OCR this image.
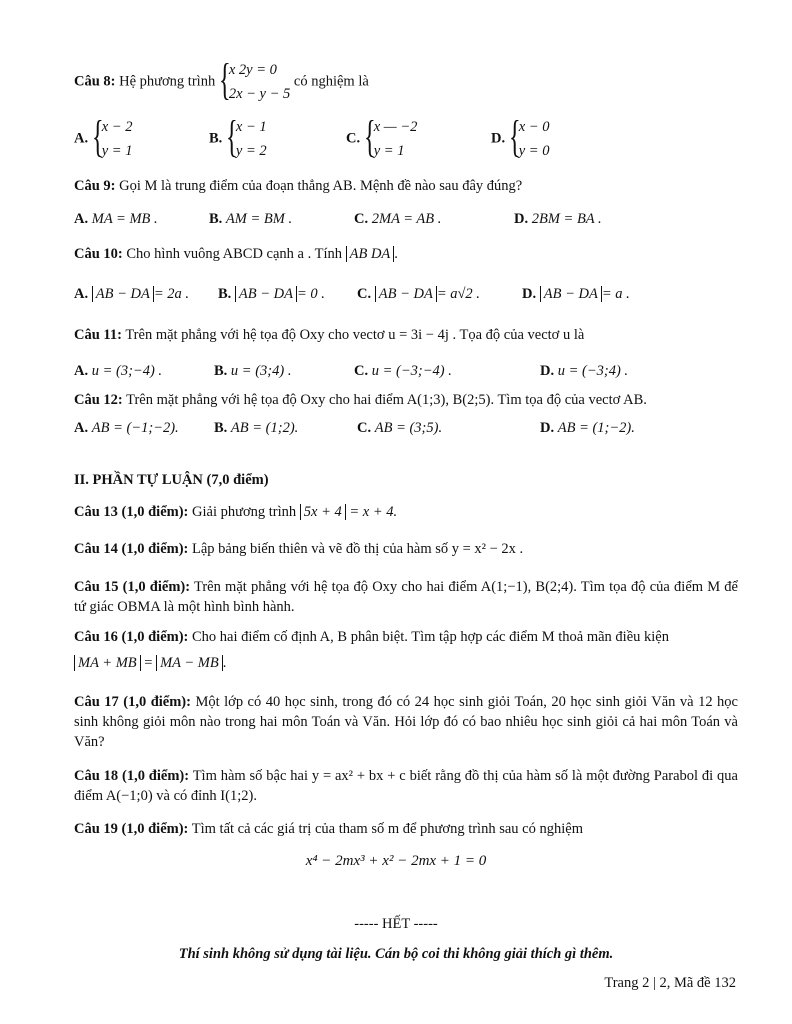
Câu 8: Hệ phương trình {
x 2y = 0
2x − y − 5
có nghiệm là
A. {
x − 2
y = 1
B. {
x − 1
y = 2
C. {
x — −2
y = 1
D. {
x − 0
y = 0
Câu 9: Gọi M là trung điểm của đoạn thẳng AB. Mệnh đề nào sau đây đúng?
A. MA = MB .	B. AM = BM .	C. 2MA = AB .	D. 2BM = BA .
Câu 10: Cho hình vuông ABCD cạnh a . Tính AB DA .
A. AB − DA = 2a . B. AB − DA = 0 . C. AB − DA = a√2 .	D. AB − DA = a .
Câu 11: Trên mặt phẳng với hệ tọa độ Oxy cho vectơ u = 3i − 4j . Tọa độ của vectơ u là
A. u = (3;−4) .	B. u = (3;4) .	C. u = (−3;−4) .	D. u = (−3;4) .
Câu 12: Trên mặt phẳng với hệ tọa độ Oxy cho hai điểm A(1;3), B(2;5). Tìm tọa độ của vectơ AB.
A. AB = (−1;−2). B. AB = (1;2).	C. AB = (3;5).	D. AB = (1;−2).
II. PHẦN TỰ LUẬN (7,0 điểm)
Câu 13 (1,0 điểm): Giải phương trình 5x + 4 = x + 4.
Câu 14 (1,0 điểm): Lập bảng biến thiên và vẽ đồ thị của hàm số y = x² − 2x .
Câu 15 (1,0 điểm): Trên mặt phẳng với hệ tọa độ Oxy cho hai điểm A(1;−1), B(2;4). Tìm tọa độ của điểm M để tứ giác OBMA là một hình bình hành.
Câu 16 (1,0 điểm): Cho hai điểm cố định A, B phân biệt. Tìm tập hợp các điểm M thoả mãn điều kiện
MA + MB = MA − MB .
Câu 17 (1,0 điểm): Một lớp có 40 học sinh, trong đó có 24 học sinh giỏi Toán, 20 học sinh giỏi Văn và 12 học sinh không giỏi môn nào trong hai môn Toán và Văn. Hỏi lớp đó có bao nhiêu học sinh giỏi cả hai môn Toán và Văn?
Câu 18 (1,0 điểm): Tìm hàm số bậc hai y = ax² + bx + c biết rằng đồ thị của hàm số là một đường Parabol đi qua điểm A(−1;0) và có đỉnh I(1;2).
Câu 19 (1,0 điểm): Tìm tất cả các giá trị của tham số m để phương trình sau có nghiệm
x⁴ − 2mx³ + x² − 2mx + 1 = 0
----- HẾT -----
Thí sinh không sử dụng tài liệu. Cán bộ coi thi không giải thích gì thêm.
Trang 2 | 2, Mã đề 132
